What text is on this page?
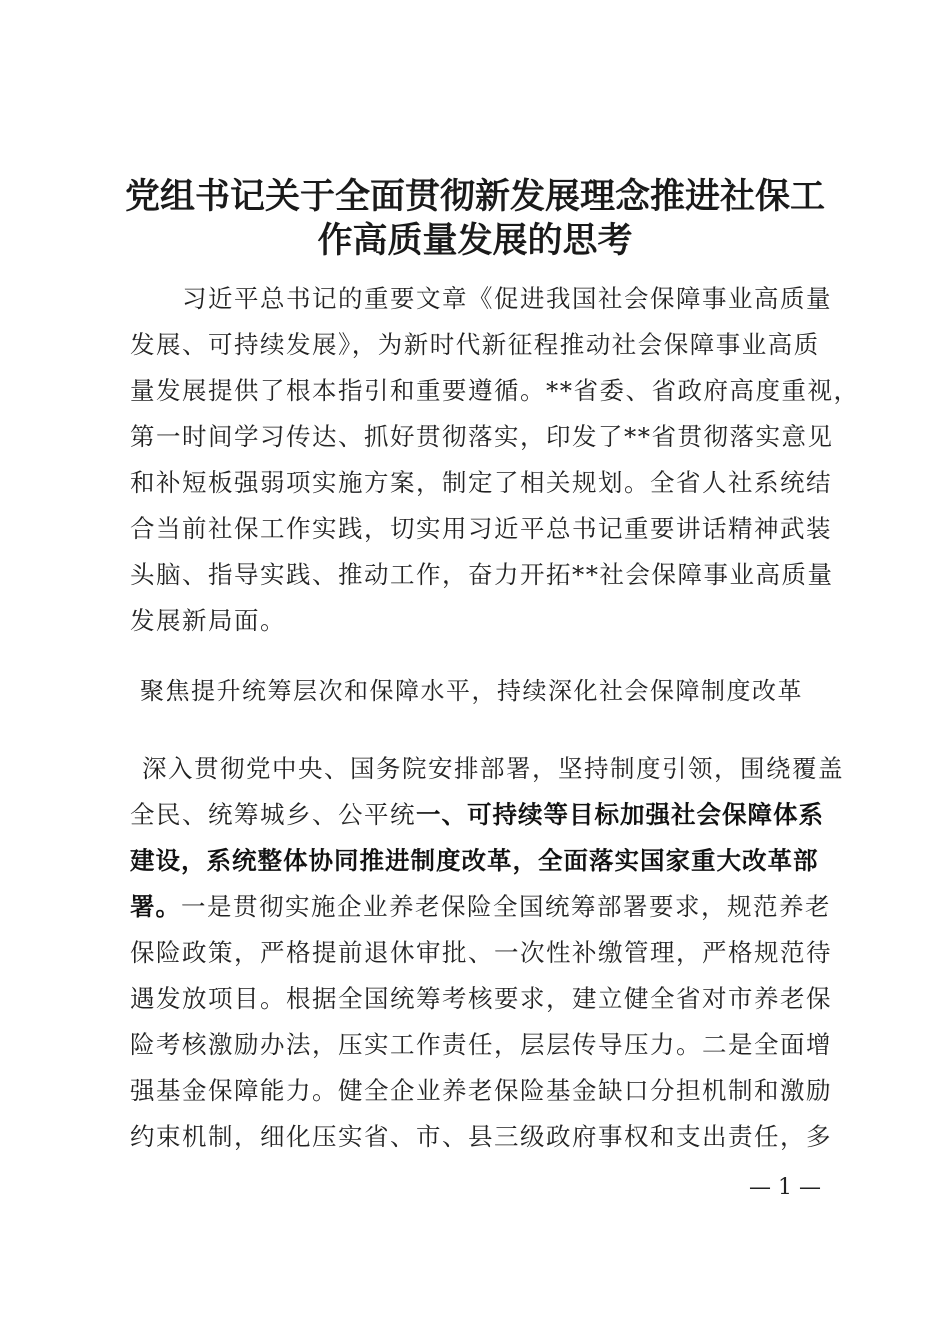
党组书记关于全面贯彻新发展理念推进社保工
作高质量发展的思考
　　习近平总书记的重要文章《促进我国社会保障事业高质量
发展、可持续发展》，为新时代新征程推动社会保障事业高质
量发展提供了根本指引和重要遵循。**省委、省政府高度重视，
第一时间学习传达、抓好贯彻落实，印发了**省贯彻落实意见
和补短板强弱项实施方案，制定了相关规划。全省人社系统结
合当前社保工作实践，切实用习近平总书记重要讲话精神武装
头脑、指导实践、推动工作，奋力开拓**社会保障事业高质量
发展新局面。
聚焦提升统筹层次和保障水平，持续深化社会保障制度改革
深入贯彻党中央、国务院安排部署，坚持制度引领，围绕覆盖
全民、统筹城乡、公平统一、可持续等目标加强社会保障体系
建设，系统整体协同推进制度改革，全面落实国家重大改革部
署。一是贯彻实施企业养老保险全国统筹部署要求，规范养老
保险政策，严格提前退休审批、一次性补缴管理，严格规范待
遇发放项目。根据全国统筹考核要求，建立健全省对市养老保
险考核激励办法，压实工作责任，层层传导压力。二是全面增
强基金保障能力。健全企业养老保险基金缺口分担机制和激励
约束机制，细化压实省、市、县三级政府事权和支出责任，多
— 1 —
